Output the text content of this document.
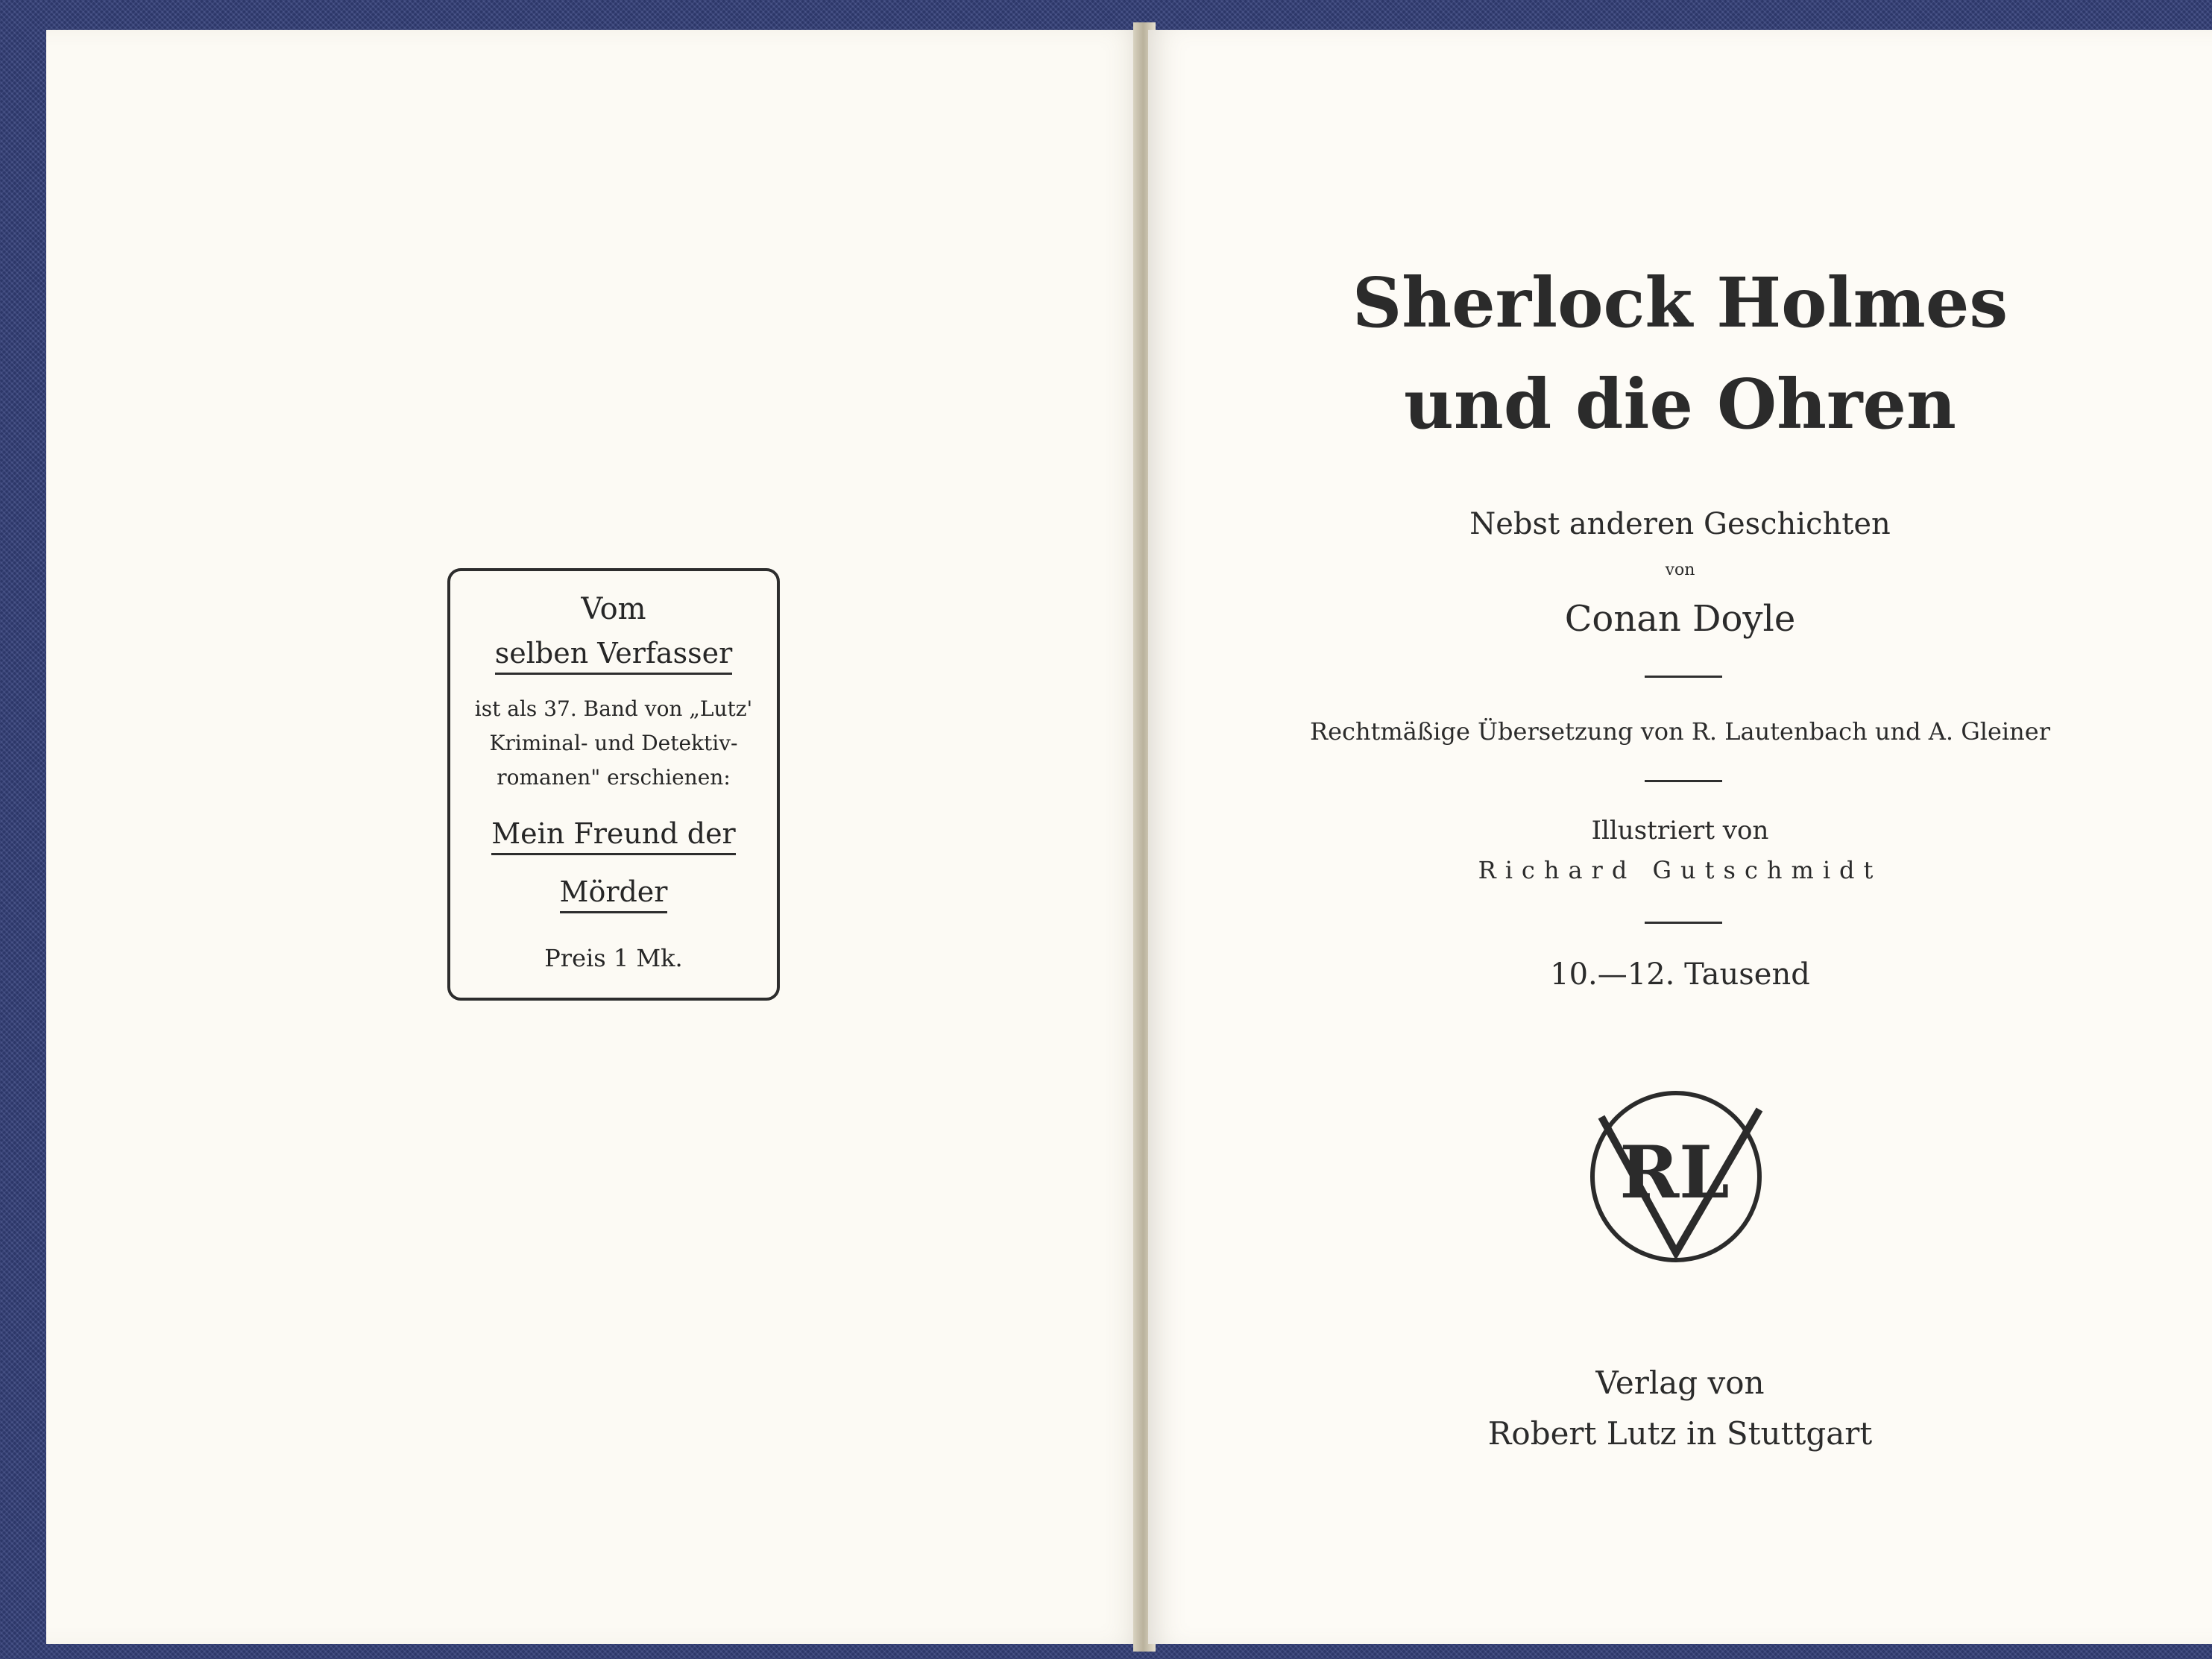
Vom
selben Verfasser
ist als 37. Band von „Lutz'
Kriminal- und Detektiv-
romanen" erschienen:
Mein Freund der
Mörder
Preis 1 Mk.
Sherlock Holmes
und die Ohren
Nebst anderen Geschichten
von
Conan Doyle
Rechtmäßige Übersetzung von R. Lautenbach und A. Gleiner
Illustriert von
Richard Gutschmidt
10.—12. Tausend
RL
Verlag von
Robert Lutz in Stuttgart
